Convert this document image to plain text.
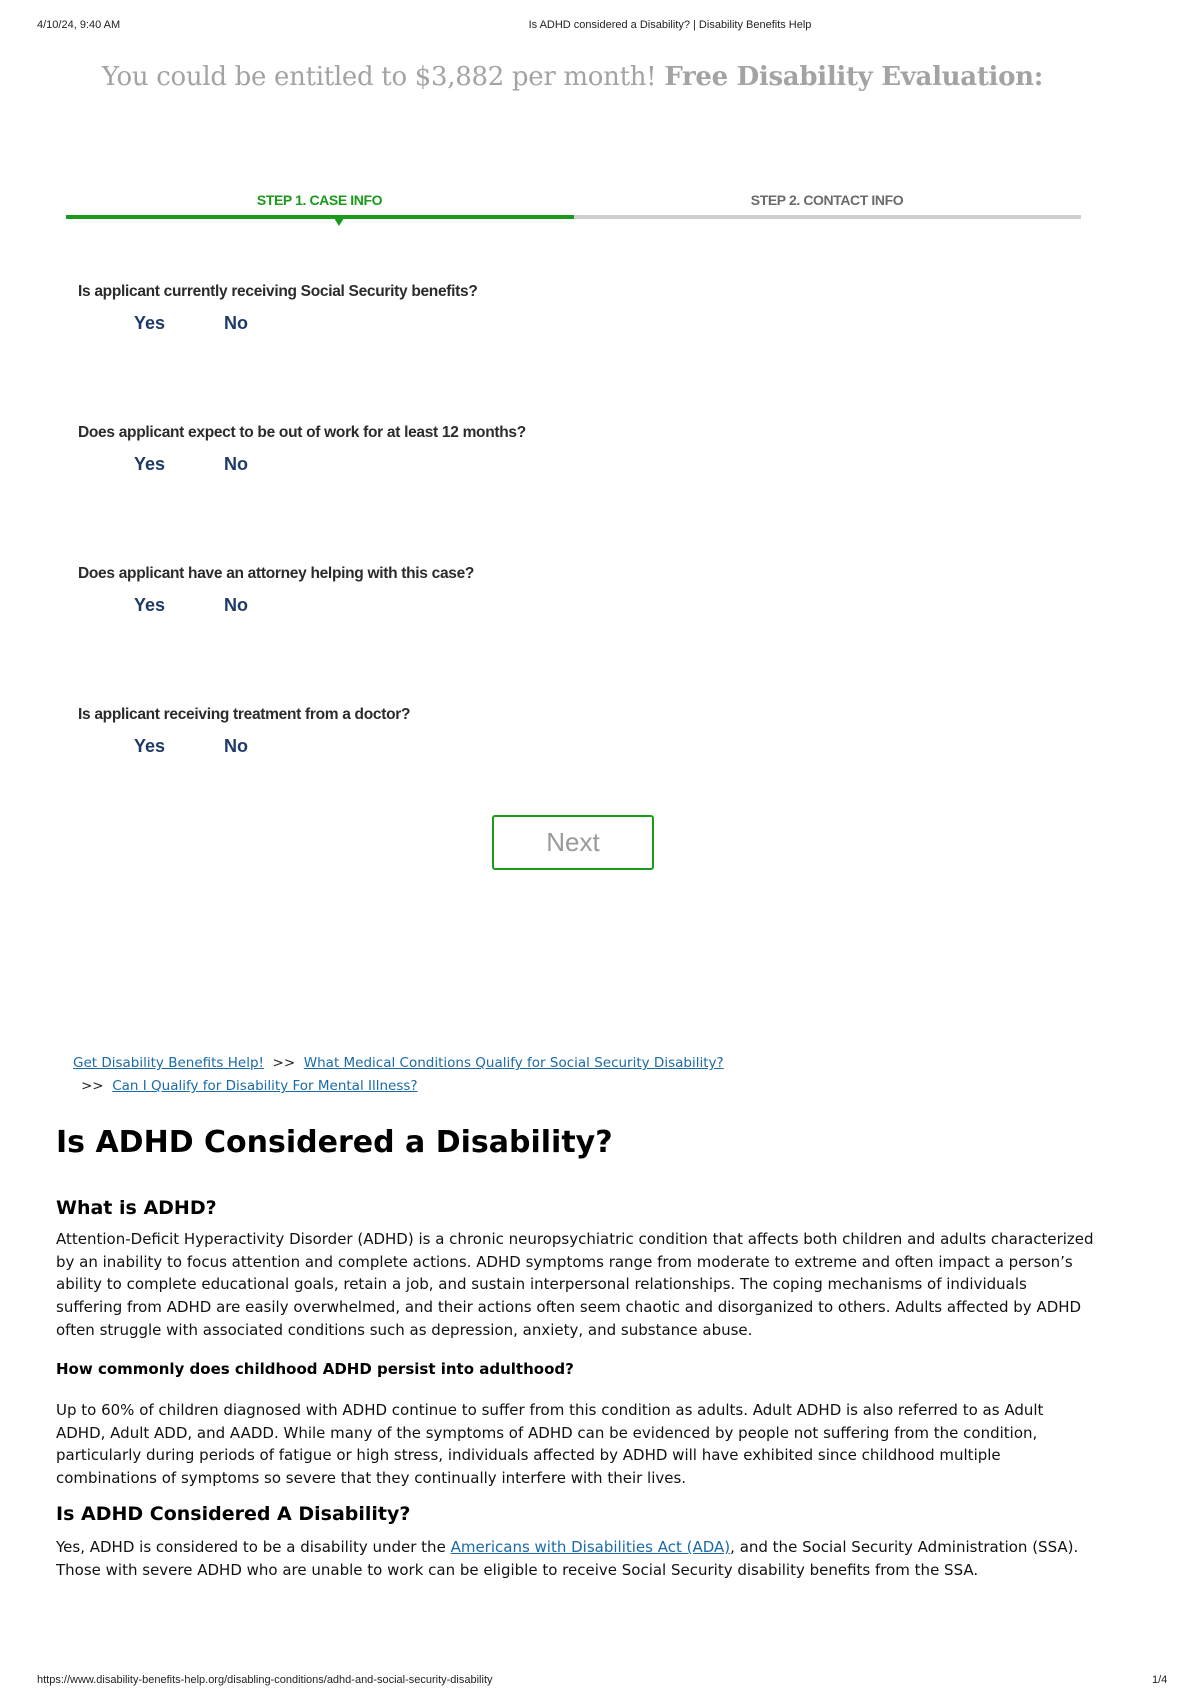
4/10/24, 9:40 AM	Is ADHD considered a Disability? | Disability Benefits Help
You could be entitled to $3,882 per month! Free Disability Evaluation:
STEP 1. CASE INFO	STEP 2. CONTACT INFO
Is applicant currently receiving Social Security benefits?
Yes	No
Does applicant expect to be out of work for at least 12 months?
Yes	No
Does applicant have an attorney helping with this case?
Yes	No
Is applicant receiving treatment from a doctor?
Yes	No
Next
Get Disability Benefits Help! >> What Medical Conditions Qualify for Social Security Disability?
>> Can I Qualify for Disability For Mental Illness?
Is ADHD Considered a Disability?
What is ADHD?

Attention-Deficit Hyperactivity Disorder (ADHD) is a chronic neuropsychiatric condition that affects both children and adults characterized by an inability to focus attention and complete actions. ADHD symptoms range from moderate to extreme and often impact a person’s ability to complete educational goals, retain a job, and sustain interpersonal relationships. The coping mechanisms of individuals suffering from ADHD are easily overwhelmed, and their actions often seem chaotic and disorganized to others. Adults affected by ADHD often struggle with associated conditions such as depression, anxiety, and substance abuse.

How commonly does childhood ADHD persist into adulthood?

Up to 60% of children diagnosed with ADHD continue to suffer from this condition as adults. Adult ADHD is also referred to as Adult ADHD, Adult ADD, and AADD. While many of the symptoms of ADHD can be evidenced by people not suffering from the condition, particularly during periods of fatigue or high stress, individuals affected by ADHD will have exhibited since childhood multiple combinations of symptoms so severe that they continually interfere with their lives.

Is ADHD Considered A Disability?

Yes, ADHD is considered to be a disability under the Americans with Disabilities Act (ADA), and the Social Security Administration (SSA). Those with severe ADHD who are unable to work can be eligible to receive Social Security disability benefits from the SSA.

https://www.disability-benefits-help.org/disabling-conditions/adhd-and-social-security-disability	1/4
